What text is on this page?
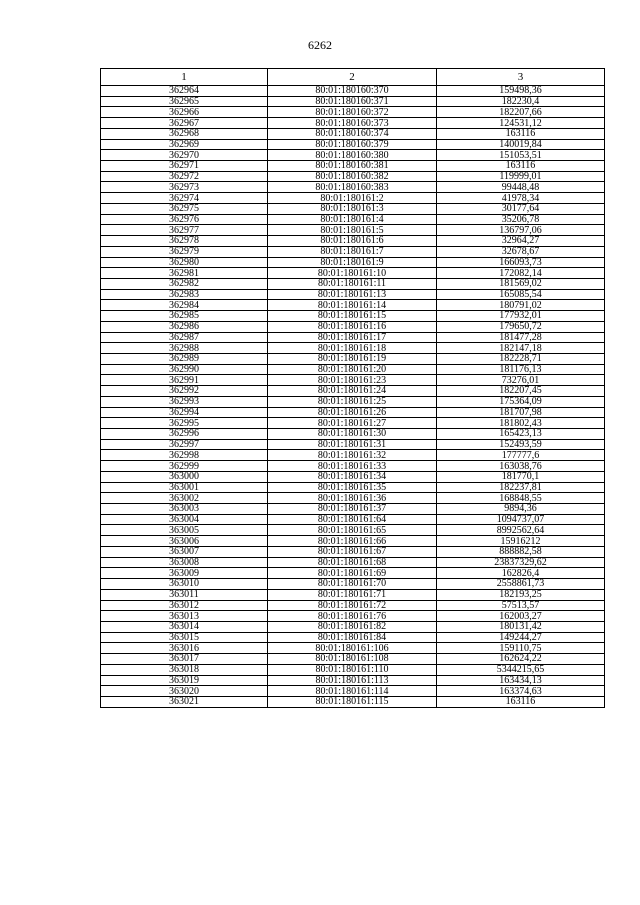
6262
1	2	3
362964	80:01:180160:370	159498,36
362965	80:01:180160:371	182230,4
362966	80:01:180160:372	182207,66
362967	80:01:180160:373	124531,12
362968	80:01:180160:374	163116
362969	80:01:180160:379	140019,84
362970	80:01:180160:380	151053,51
362971	80:01:180160:381	163116
362972	80:01:180160:382	119999,01
362973	80:01:180160:383	99448,48
362974	80:01:180161:2	41978,34
362975	80:01:180161:3	30177,64
362976	80:01:180161:4	35206,78
362977	80:01:180161:5	136797,06
362978	80:01:180161:6	32964,27
362979	80:01:180161:7	32678,67
362980	80:01:180161:9	166093,73
362981	80:01:180161:10	172082,14
362982	80:01:180161:11	181569,02
362983	80:01:180161:13	165085,54
362984	80:01:180161:14	180791,02
362985	80:01:180161:15	177932,01
362986	80:01:180161:16	179650,72
362987	80:01:180161:17	181477,28
362988	80:01:180161:18	182147,18
362989	80:01:180161:19	182228,71
362990	80:01:180161:20	181176,13
362991	80:01:180161:23	73276,01
362992	80:01:180161:24	182207,45
362993	80:01:180161:25	175364,09
362994	80:01:180161:26	181707,98
362995	80:01:180161:27	181802,43
362996	80:01:180161:30	165423,13
362997	80:01:180161:31	152493,59
362998	80:01:180161:32	177777,6
362999	80:01:180161:33	163038,76
363000	80:01:180161:34	181770,1
363001	80:01:180161:35	182237,81
363002	80:01:180161:36	168848,55
363003	80:01:180161:37	9894,36
363004	80:01:180161:64	1094737,07
363005	80:01:180161:65	8992562,64
363006	80:01:180161:66	15916212
363007	80:01:180161:67	888882,58
363008	80:01:180161:68	23837329,62
363009	80:01:180161:69	162826,4
363010	80:01:180161:70	2558861,73
363011	80:01:180161:71	182193,25
363012	80:01:180161:72	57513,57
363013	80:01:180161:76	162003,27
363014	80:01:180161:82	180131,42
363015	80:01:180161:84	149244,27
363016	80:01:180161:106	159110,75
363017	80:01:180161:108	162624,22
363018	80:01:180161:110	5344215,65
363019	80:01:180161:113	163434,13
363020	80:01:180161:114	163374,63
363021	80:01:180161:115	163116
